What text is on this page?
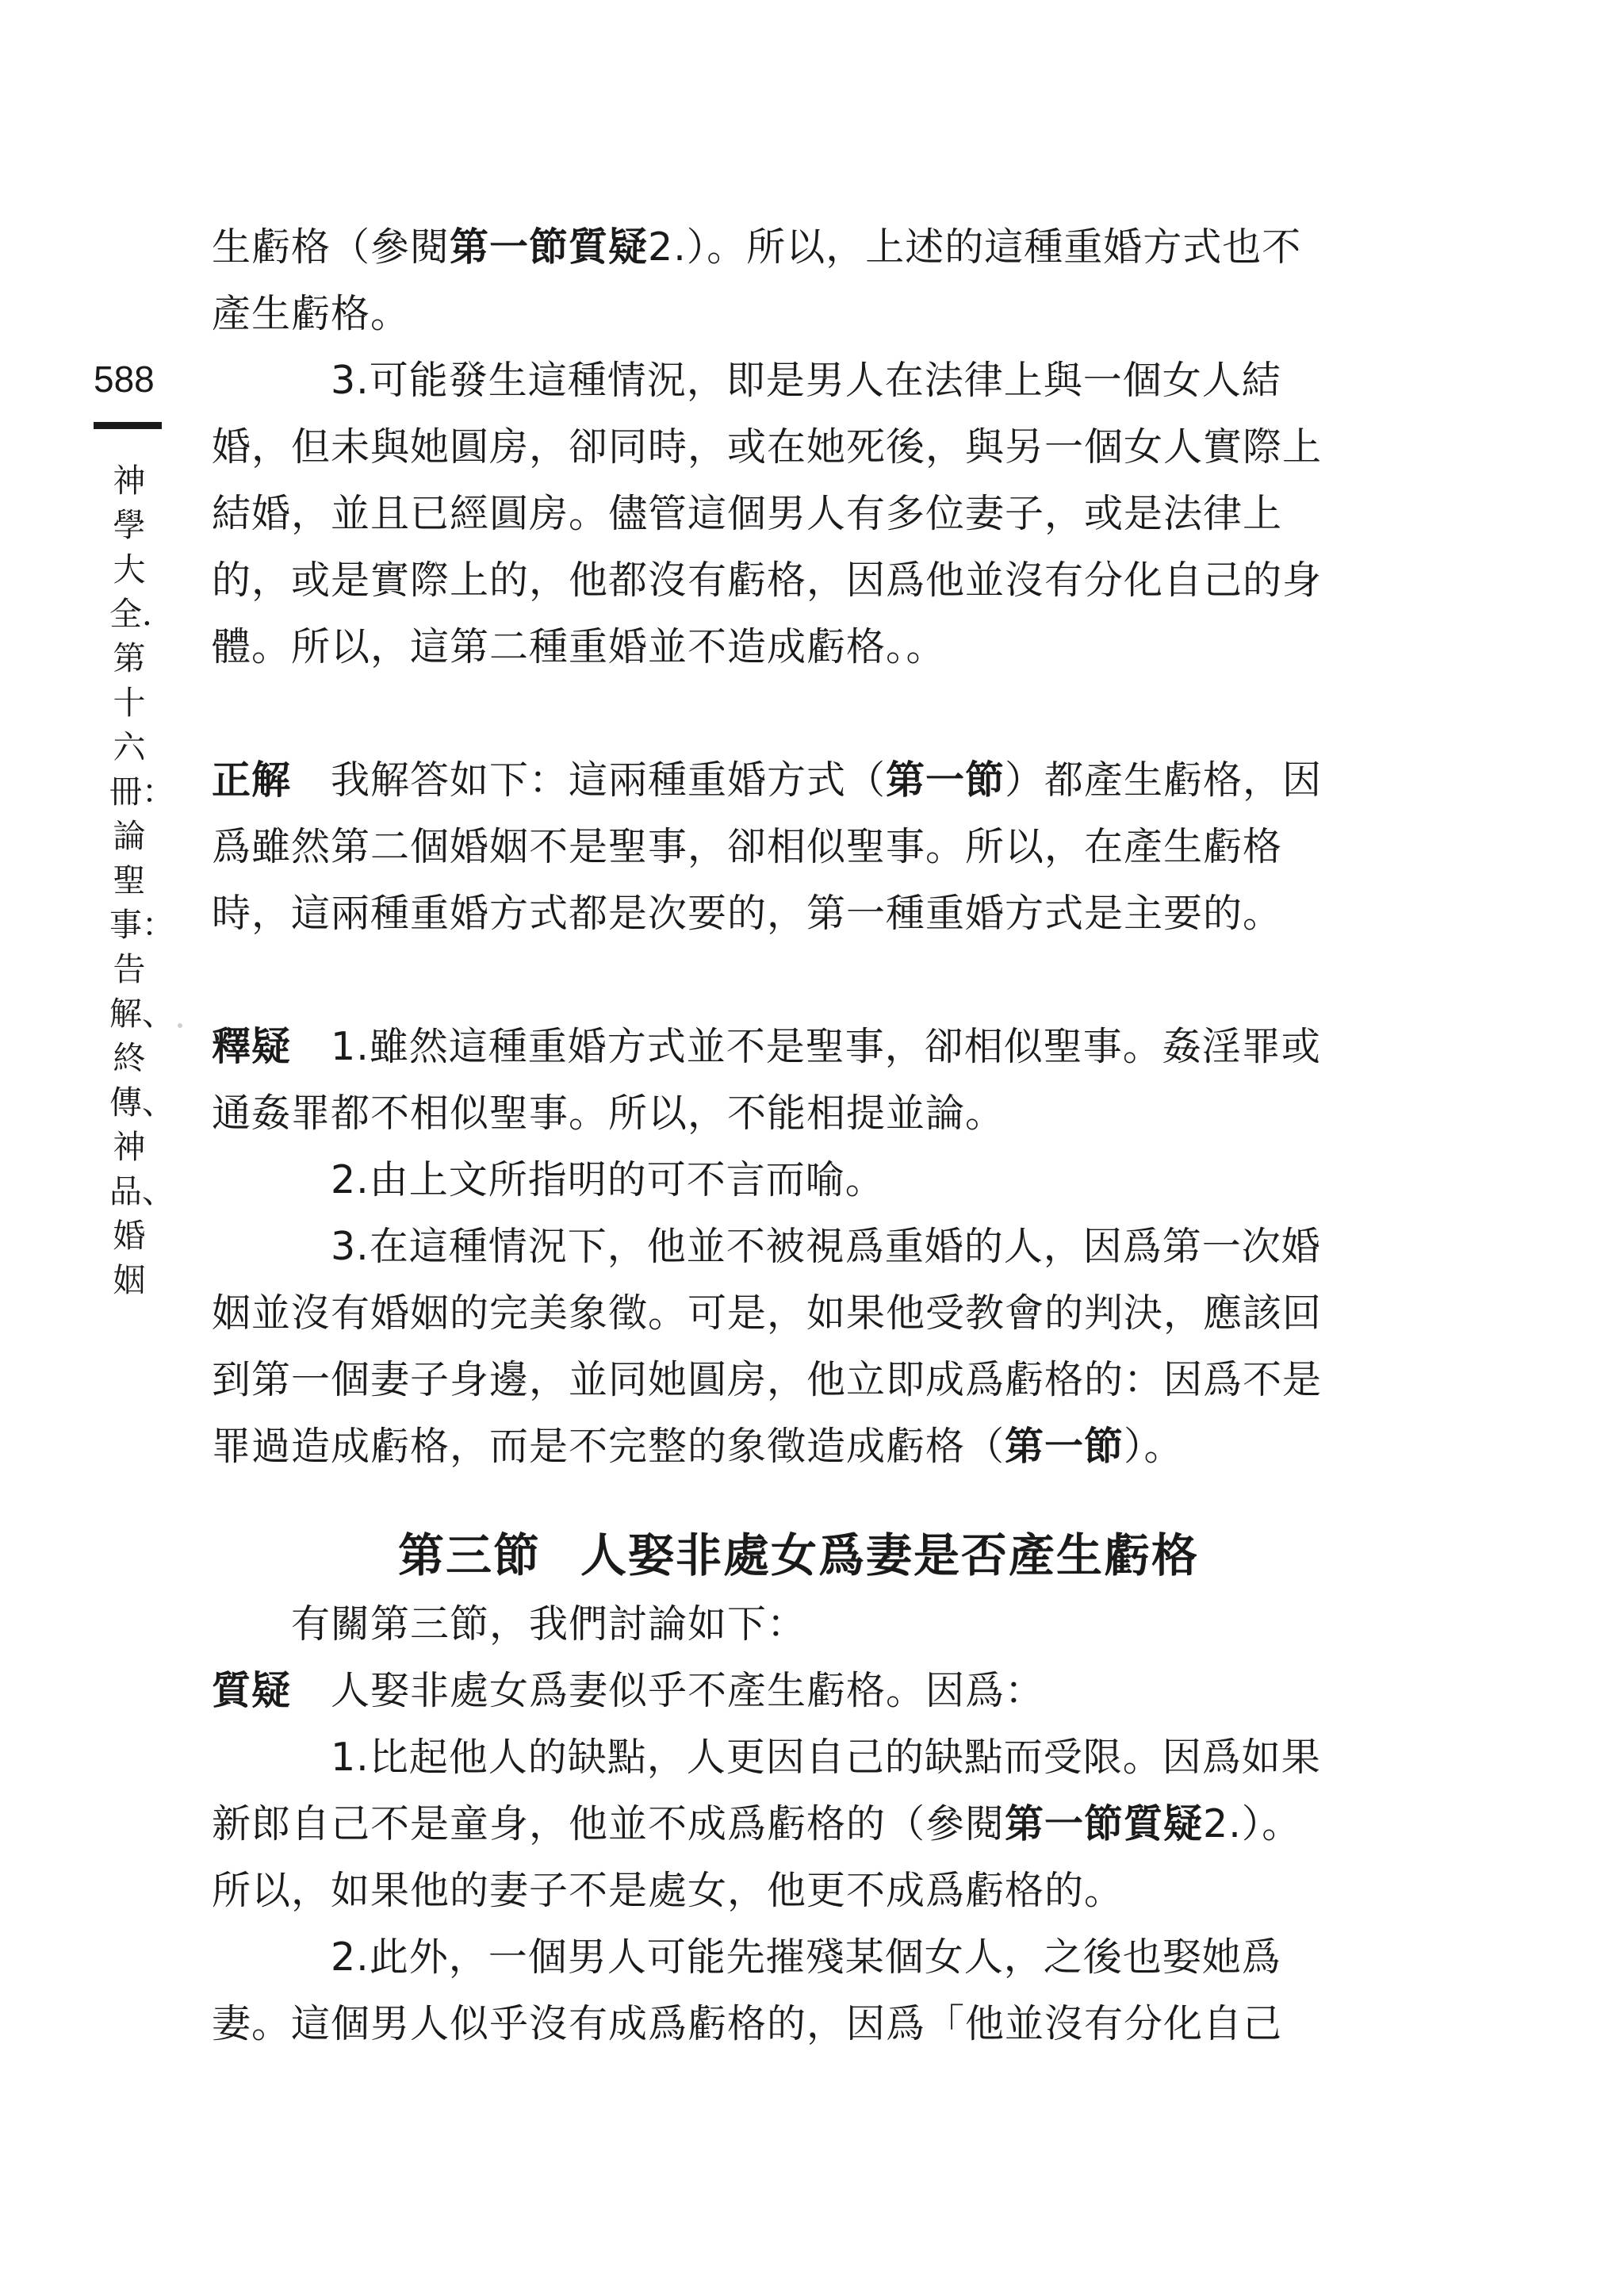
588
神學大全．第十六冊：論聖事：告解、終傳、神品、婚姻

生虧格（參閱第一節質疑2.）。所以，上述的這種重婚方式也不產生虧格。

3.可能發生這種情況，即是男人在法律上與一個女人結婚，但未與她圓房，卻同時，或在她死後，與另一個女人實際上結婚，並且已經圓房。儘管這個男人有多位妻子，或是法律上的，或是實際上的，他都沒有虧格，因爲他並沒有分化自己的身體。所以，這第二種重婚並不造成虧格。。

正解 我解答如下：這兩種重婚方式（第一節）都產生虧格，因爲雖然第二個婚姻不是聖事，卻相似聖事。所以，在產生虧格時，這兩種重婚方式都是次要的，第一種重婚方式是主要的。

釋疑 1.雖然這種重婚方式並不是聖事，卻相似聖事。姦淫罪或通姦罪都不相似聖事。所以，不能相提並論。

2.由上文所指明的可不言而喻。

3.在這種情況下，他並不被視爲重婚的人，因爲第一次婚姻並沒有婚姻的完美象徵。可是，如果他受教會的判決，應該回到第一個妻子身邊，並同她圓房，他立即成爲虧格的：因爲不是罪過造成虧格，而是不完整的象徵造成虧格（第一節）。

第三節 人娶非處女爲妻是否產生虧格

有關第三節，我們討論如下：

質疑 人娶非處女爲妻似乎不產生虧格。因爲：

1.比起他人的缺點，人更因自己的缺點而受限。因爲如果新郎自己不是童身，他並不成爲虧格的（參閱第一節質疑2.）。所以，如果他的妻子不是處女，他更不成爲虧格的。

2.此外，一個男人可能先摧殘某個女人，之後也娶她爲妻。這個男人似乎沒有成爲虧格的，因爲「他並沒有分化自己
